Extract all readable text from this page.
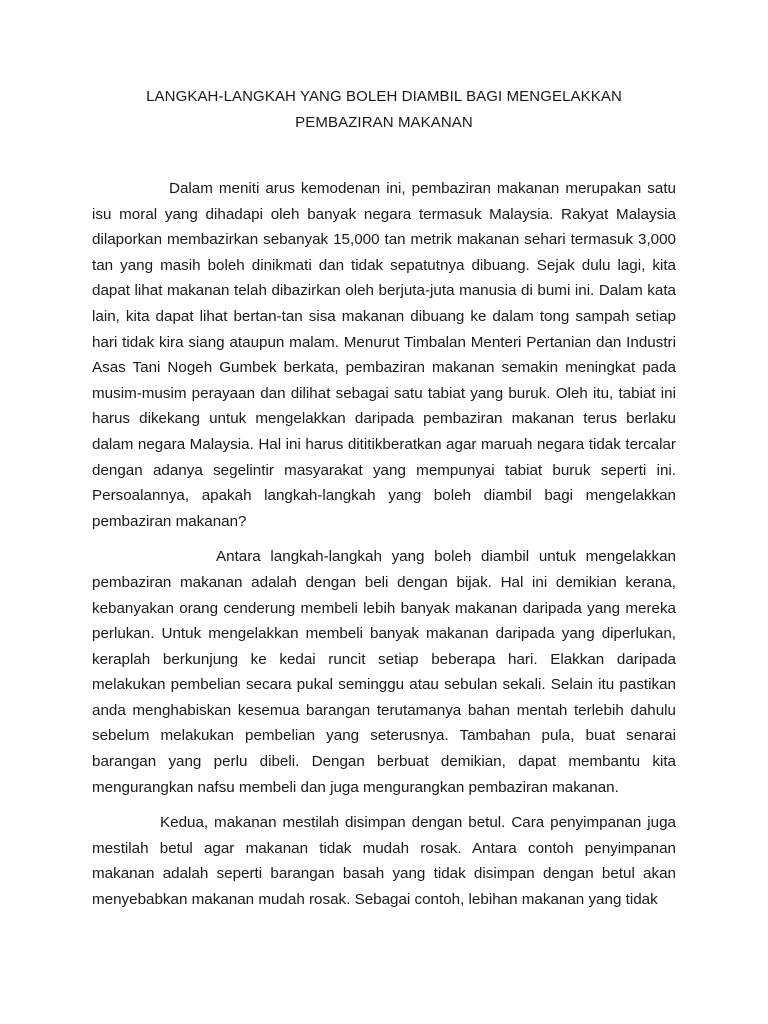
LANGKAH-LANGKAH YANG BOLEH DIAMBIL BAGI MENGELAKKAN
PEMBAZIRAN MAKANAN

Dalam meniti arus kemodenan ini, pembaziran makanan merupakan satu isu moral yang dihadapi oleh banyak negara termasuk Malaysia. Rakyat Malaysia dilaporkan membazirkan sebanyak 15,000 tan metrik makanan sehari termasuk 3,000 tan yang masih boleh dinikmati dan tidak sepatutnya dibuang. Sejak dulu lagi, kita dapat lihat makanan telah dibazirkan oleh berjuta-juta manusia di bumi ini. Dalam kata lain, kita dapat lihat bertan-tan sisa makanan dibuang ke dalam tong sampah setiap hari tidak kira siang ataupun malam. Menurut Timbalan Menteri Pertanian dan Industri Asas Tani Nogeh Gumbek berkata, pembaziran makanan semakin meningkat pada musim-musim perayaan dan dilihat sebagai satu tabiat yang buruk. Oleh itu, tabiat ini harus dikekang untuk mengelakkan daripada pembaziran makanan terus berlaku dalam negara Malaysia. Hal ini harus dititikberatkan agar maruah negara tidak tercalar dengan adanya segelintir masyarakat yang mempunyai tabiat buruk seperti ini. Persoalannya, apakah langkah-langkah yang boleh diambil bagi mengelakkan pembaziran makanan?

Antara langkah-langkah yang boleh diambil untuk mengelakkan pembaziran makanan adalah dengan beli dengan bijak. Hal ini demikian kerana, kebanyakan orang cenderung membeli lebih banyak makanan daripada yang mereka perlukan. Untuk mengelakkan membeli banyak makanan daripada yang diperlukan, keraplah berkunjung ke kedai runcit setiap beberapa hari. Elakkan daripada melakukan pembelian secara pukal seminggu atau sebulan sekali. Selain itu pastikan anda menghabiskan kesemua barangan terutamanya bahan mentah terlebih dahulu sebelum melakukan pembelian yang seterusnya. Tambahan pula, buat senarai barangan yang perlu dibeli. Dengan berbuat demikian, dapat membantu kita mengurangkan nafsu membeli dan juga mengurangkan pembaziran makanan.

Kedua, makanan mestilah disimpan dengan betul. Cara penyimpanan juga mestilah betul agar makanan tidak mudah rosak. Antara contoh penyimpanan makanan adalah seperti barangan basah yang tidak disimpan dengan betul akan menyebabkan makanan mudah rosak. Sebagai contoh, lebihan makanan yang tidak
